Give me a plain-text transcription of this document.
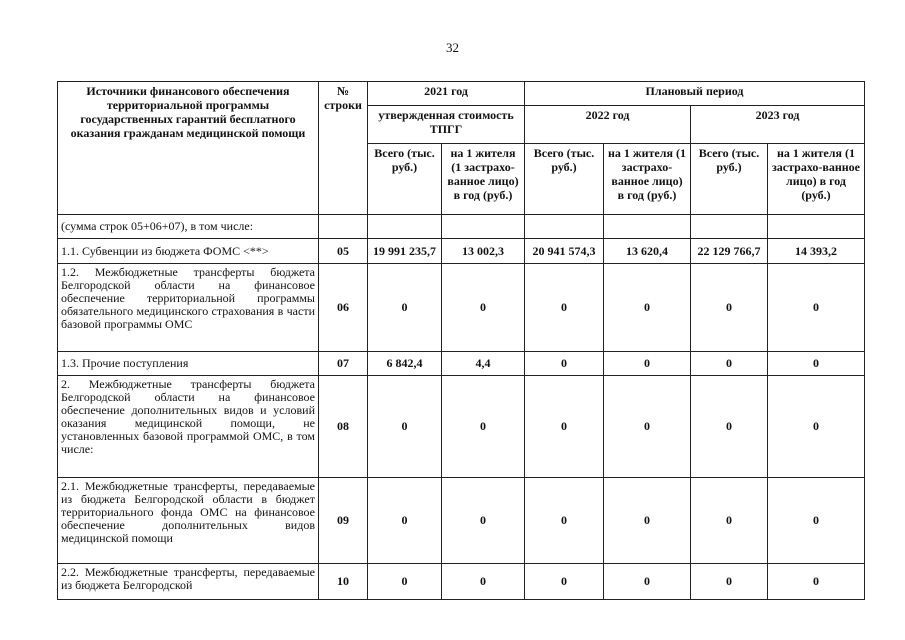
32
Источники финансового обеспечения территориальной программы государственных гарантий бесплатного оказания гражданам медицинской помощи	№ строки	2021 год		Плановый период			
		утвержденная стоимость ТПГГ		2022 год		2023 год	
		Всего (тыс. руб.)	на 1 жителя (1 застрахо-ванное лицо) в год (руб.)	Всего (тыс. руб.)	на 1 жителя (1 застрахо-ванное лицо) в год (руб.)	Всего (тыс. руб.)	на 1 жителя (1 застрахо-ванное лицо) в год (руб.)
(сумма строк 05+06+07), в том числе:							
1.1. Субвенции из бюджета ФОМС <**>	05	19 991 235,7	13 002,3	20 941 574,3	13 620,4	22 129 766,7	14 393,2
1.2. Межбюджетные трансферты бюджета Белгородской области на финансовое обеспечение территориальной программы обязательного медицинского страхования в части базовой программы ОМС	06	0	0	0	0	0	0
1.3. Прочие поступления	07	6 842,4	4,4	0	0	0	0
2. Межбюджетные трансферты бюджета Белгородской области на финансовое обеспечение дополнительных видов и условий оказания медицинской помощи, не установленных базовой программой ОМС, в том числе:	08	0	0	0	0	0	0
2.1. Межбюджетные трансферты, передаваемые из бюджета Белгородской области в бюджет территориального фонда ОМС на финансовое обеспечение дополнительных видов медицинской помощи	09	0	0	0	0	0	0
2.2. Межбюджетные трансферты, передаваемые из бюджета Белгородской	10	0	0	0	0	0	0
